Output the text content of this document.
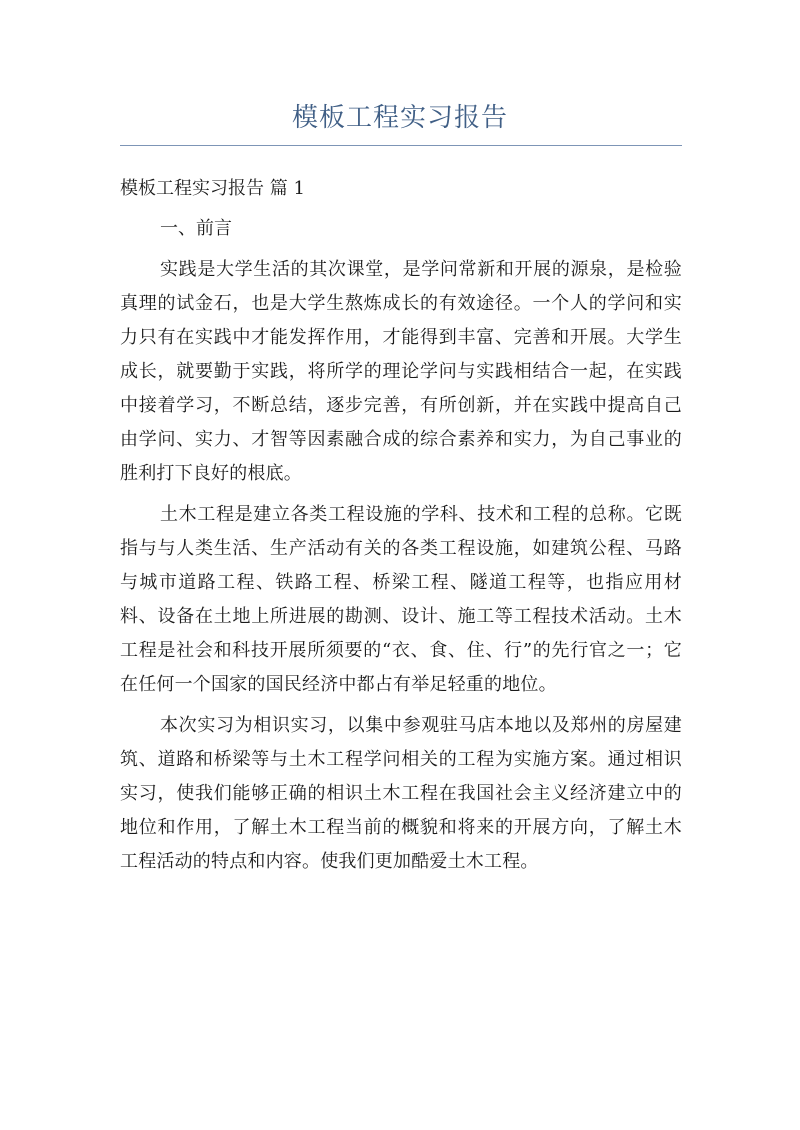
模板工程实习报告

模板工程实习报告 篇 1

一、前言

实践是大学生活的其次课堂，是学问常新和开展的源泉，是检验真理的试金石，也是大学生熬炼成长的有效途径。一个人的学问和实力只有在实践中才能发挥作用，才能得到丰富、完善和开展。大学生成长，就要勤于实践，将所学的理论学问与实践相结合一起，在实践中接着学习，不断总结，逐步完善，有所创新，并在实践中提高自己由学问、实力、才智等因素融合成的综合素养和实力，为自己事业的胜利打下良好的根底。

土木工程是建立各类工程设施的学科、技术和工程的总称。它既指与与人类生活、生产活动有关的各类工程设施，如建筑公程、马路与城市道路工程、铁路工程、桥梁工程、隧道工程等，也指应用材料、设备在土地上所进展的勘测、设计、施工等工程技术活动。土木工程是社会和科技开展所须要的“衣、食、住、行”的先行官之一；它在任何一个国家的国民经济中都占有举足轻重的地位。

本次实习为相识实习，以集中参观驻马店本地以及郑州的房屋建筑、道路和桥梁等与土木工程学问相关的工程为实施方案。通过相识实习，使我们能够正确的相识土木工程在我国社会主义经济建立中的地位和作用，了解土木工程当前的概貌和将来的开展方向，了解土木工程活动的特点和内容。使我们更加酷爱土木工程。
